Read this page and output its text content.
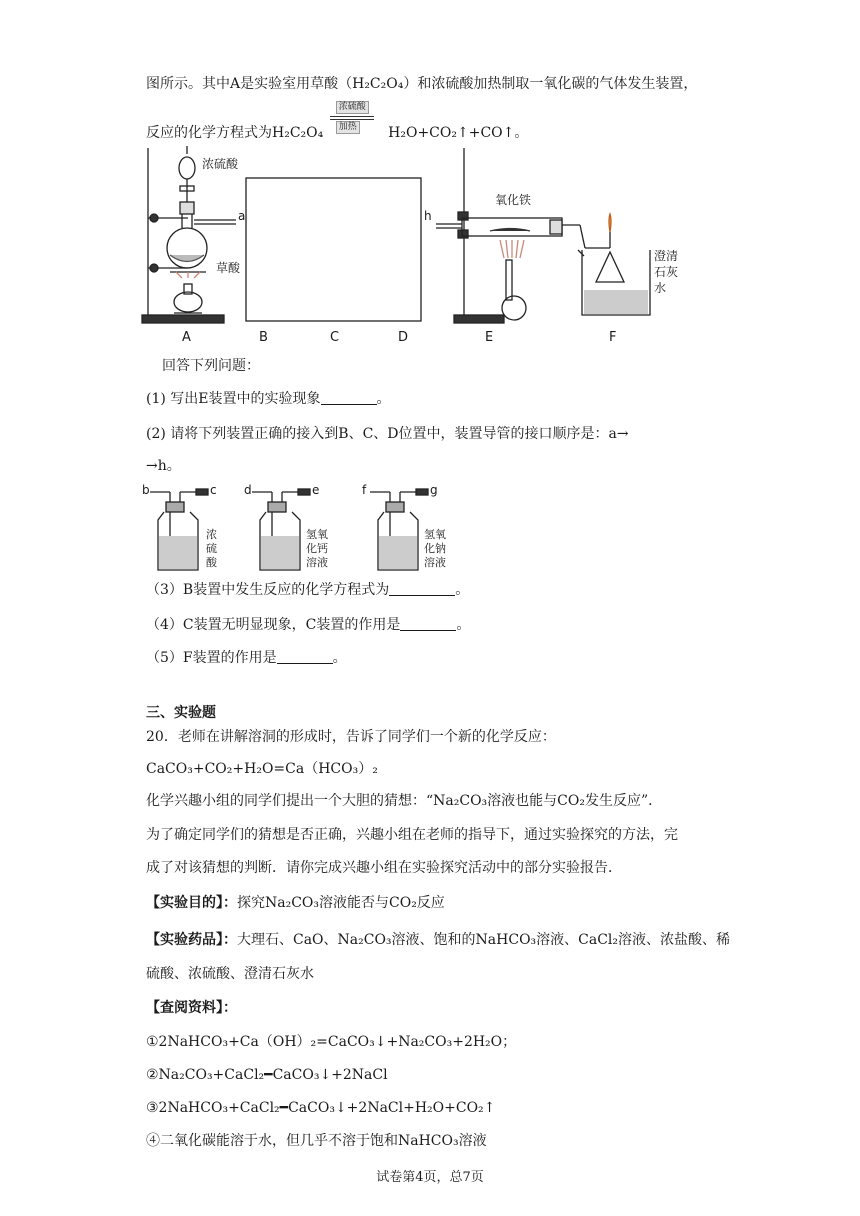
图所示。其中A是实验室用草酸（H₂C₂O₄）和浓硫酸加热制取一氧化碳的气体发生装置，
反应的化学方程式为H₂C₂O₄
浓硫酸
加热 H₂O+CO₂↑+CO↑。
浓硫酸
草酸
a	h
氧化铁
澄清
石灰
水
A	B	C	D	E	F
回答下列问题：
(1) 写出E装置中的实验现象	。
(2) 请将下列装置正确的接入到B、C、D位置中，装置导管的接口顺序是：a→
→h。
浓
硫
酸
b	c
氢氧
化钙
溶液
d	e
氢氧
化钠
溶液
f	g
（3）B装置中发生反应的化学方程式为	。
（4）C装置无明显现象，C装置的作用是	。
（5）F装置的作用是	。
三、实验题
20．老师在讲解溶洞的形成时，告诉了同学们一个新的化学反应：
CaCO₃+CO₂+H₂O=Ca（HCO₃）₂
化学兴趣小组的同学们提出一个大胆的猜想：“Na₂CO₃溶液也能与CO₂发生反应”．
为了确定同学们的猜想是否正确，兴趣小组在老师的指导下，通过实验探究的方法，完
成了对该猜想的判断．请你完成兴趣小组在实验探究活动中的部分实验报告．
【实验目的】：探究Na₂CO₃溶液能否与CO₂反应
【实验药品】：大理石、CaO、Na₂CO₃溶液、饱和的NaHCO₃溶液、CaCl₂溶液、浓盐酸、稀
硫酸、浓硫酸、澄清石灰水
【查阅资料】：
①2NaHCO₃+Ca（OH）₂=CaCO₃↓+Na₂CO₃+2H₂O；
②Na₂CO₃+CaCl₂━CaCO₃↓+2NaCl
③2NaHCO₃+CaCl₂━CaCO₃↓+2NaCl+H₂O+CO₂↑
④二氧化碳能溶于水，但几乎不溶于饱和NaHCO₃溶液
试卷第4页，总7页
